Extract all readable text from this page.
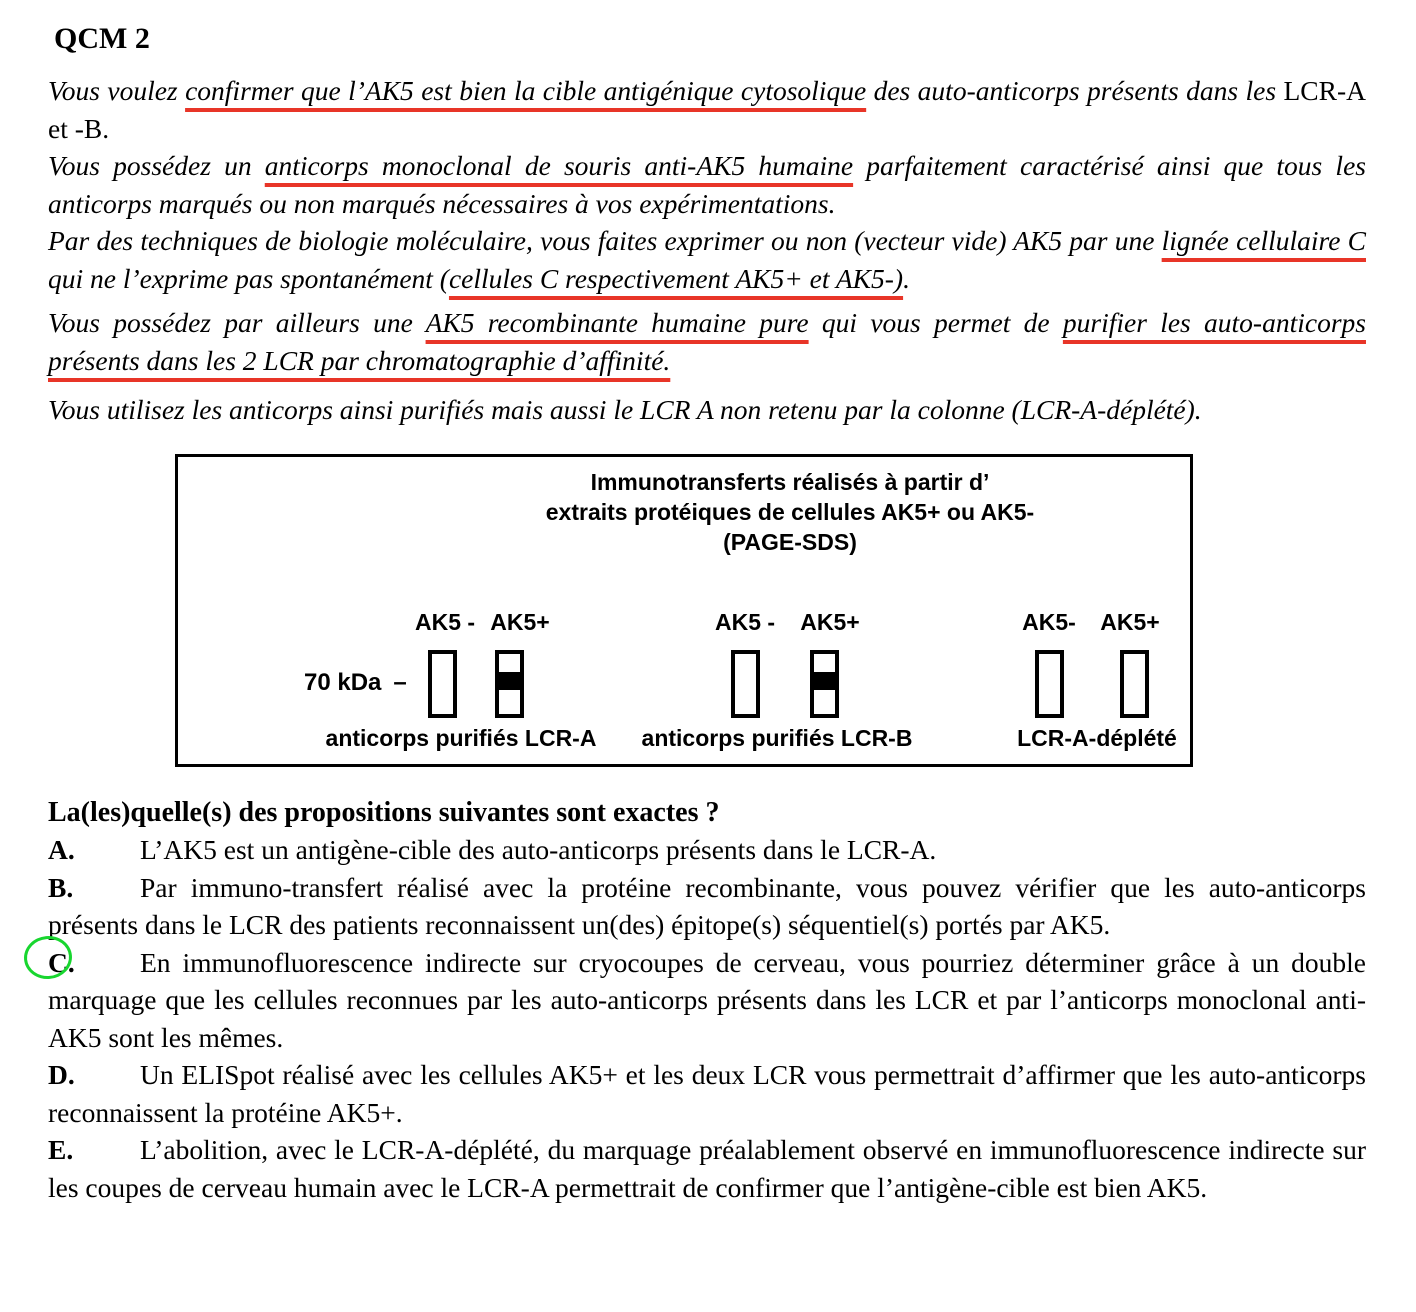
QCM 2

Vous voulez confirmer que l’AK5 est bien la cible antigénique cytosolique des auto-anticorps présents dans les LCR-A et -B.

Vous possédez un anticorps monoclonal de souris anti-AK5 humaine parfaitement caractérisé ainsi que tous les anticorps marqués ou non marqués nécessaires à vos expérimentations.

Par des techniques de biologie moléculaire, vous faites exprimer ou non (vecteur vide) AK5 par une lignée cellulaire C qui ne l’exprime pas spontanément (cellules C respectivement AK5+ et AK5-).

Vous possédez par ailleurs une AK5 recombinante humaine pure qui vous permet de purifier les auto-anticorps présents dans les 2 LCR par chromatographie d’affinité.

Vous utilisez les anticorps ainsi purifiés mais aussi le LCR A non retenu par la colonne (LCR-A-déplété).

Immunotransferts réalisés à partir d’
extraits protéiques de cellules AK5+ ou AK5-
(PAGE-SDS)
70 kDa –
AK5 - AK5+	AK5 - AK5+	AK5- AK5+
anticorps purifiés LCR-A anticorps purifiés LCR-B	LCR-A-déplété

La(les)quelle(s) des propositions suivantes sont exactes ?

A. L’AK5 est un antigène-cible des auto-anticorps présents dans le LCR-A.

B. Par immuno-transfert réalisé avec la protéine recombinante, vous pouvez vérifier que les auto-anticorps présents dans le LCR des patients reconnaissent un(des) épitope(s) séquentiel(s) portés par AK5.

C. En immunofluorescence indirecte sur cryocoupes de cerveau, vous pourriez déterminer grâce à un double marquage que les cellules reconnues par les auto-anticorps présents dans les LCR et par l’anticorps monoclonal anti-AK5 sont les mêmes.

D. Un ELISpot réalisé avec les cellules AK5+ et les deux LCR vous permettrait d’affirmer que les auto-anticorps reconnaissent la protéine AK5+.

E. L’abolition, avec le LCR-A-déplété, du marquage préalablement observé en immunofluorescence indirecte sur les coupes de cerveau humain avec le LCR-A permettrait de confirmer que l’antigène-cible est bien AK5.
